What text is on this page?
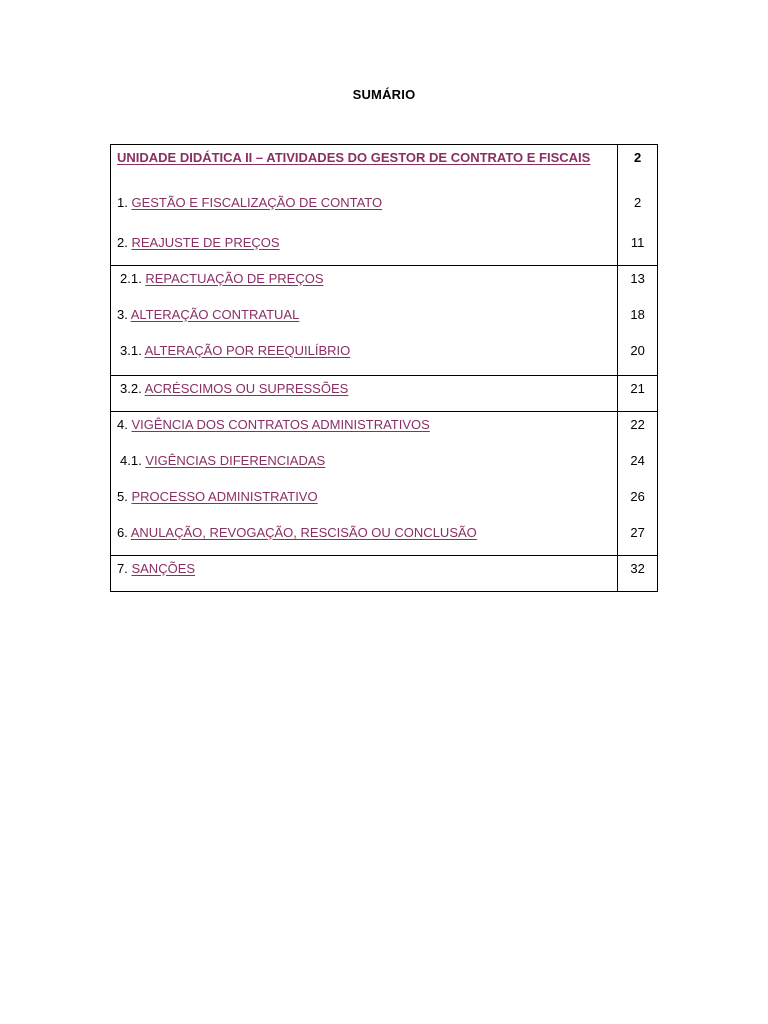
SUMÁRIO
UNIDADE DIDÁTICA II – ATIVIDADES DO GESTOR DE CONTRATO E FISCAIS	2
1. GESTÃO E FISCALIZAÇÃO DE CONTATO	2
2. REAJUSTE DE PREÇOS	11
2.1. REPACTUAÇÃO DE PREÇOS	13
3. ALTERAÇÃO CONTRATUAL	18
3.1. ALTERAÇÃO POR REEQUILÍBRIO	20
3.2. ACRÉSCIMOS OU SUPRESSÕES	21
4. VIGÊNCIA DOS CONTRATOS ADMINISTRATIVOS	22
4.1. VIGÊNCIAS DIFERENCIADAS	24
5. PROCESSO ADMINISTRATIVO	26
6. ANULAÇÃO, REVOGAÇÃO, RESCISÃO OU CONCLUSÃO	27
7. SANÇÕES	32
